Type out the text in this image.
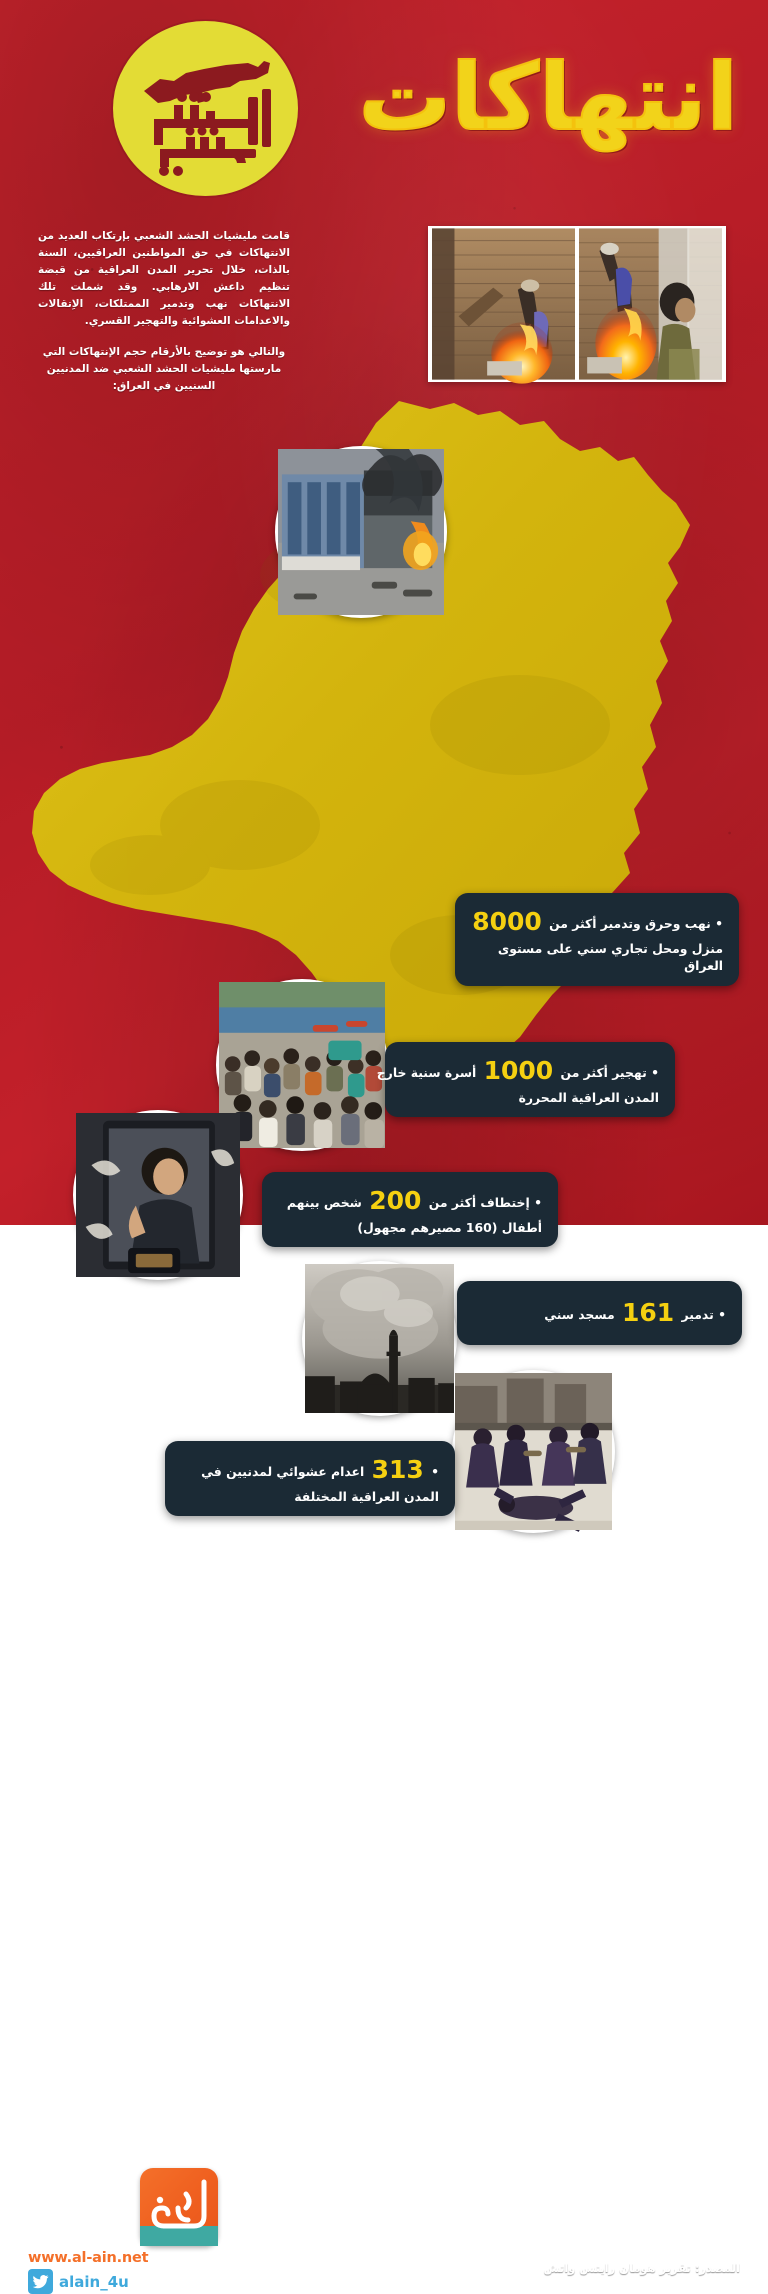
انتهاكات

قامت مليشيات الحشد الشعبي بإرتكاب العديد من الانتهاكات في حق المواطنين العراقيين، السنة بالذات، خلال تحرير المدن العراقية من قبضة تنظيم داعش الارهابي. وقد شملت تلك الانتهاكات نهب وتدمير الممتلكات، الاِتقالات والاعدامات العشوائية والتهجير القسري.

والتالي هو توضيح بالأرقام حجم الإنتهاكات التي مارستها مليشيات الحشد الشعبي ضد المدنيين السنيين في العراق:

• نهب وحرق وتدمير أكثر من 8000
منزل ومحل تجاري سني على مستوى العراق
• تهجير أكثر من 1000 أسرة سنية خارج
المدن العراقية المحررة
• إختطاف أكثر من 200 شخص بينهم
أطفال (160 مصيرهم مجهول)
• تدمير 161 مسجد سني
• 313 اعدام عشوائي لمدنيين في
المدن العراقية المختلفة
www.al-ain.net
alain_4u
المصدر: تقرير هومان رايتس واتش
